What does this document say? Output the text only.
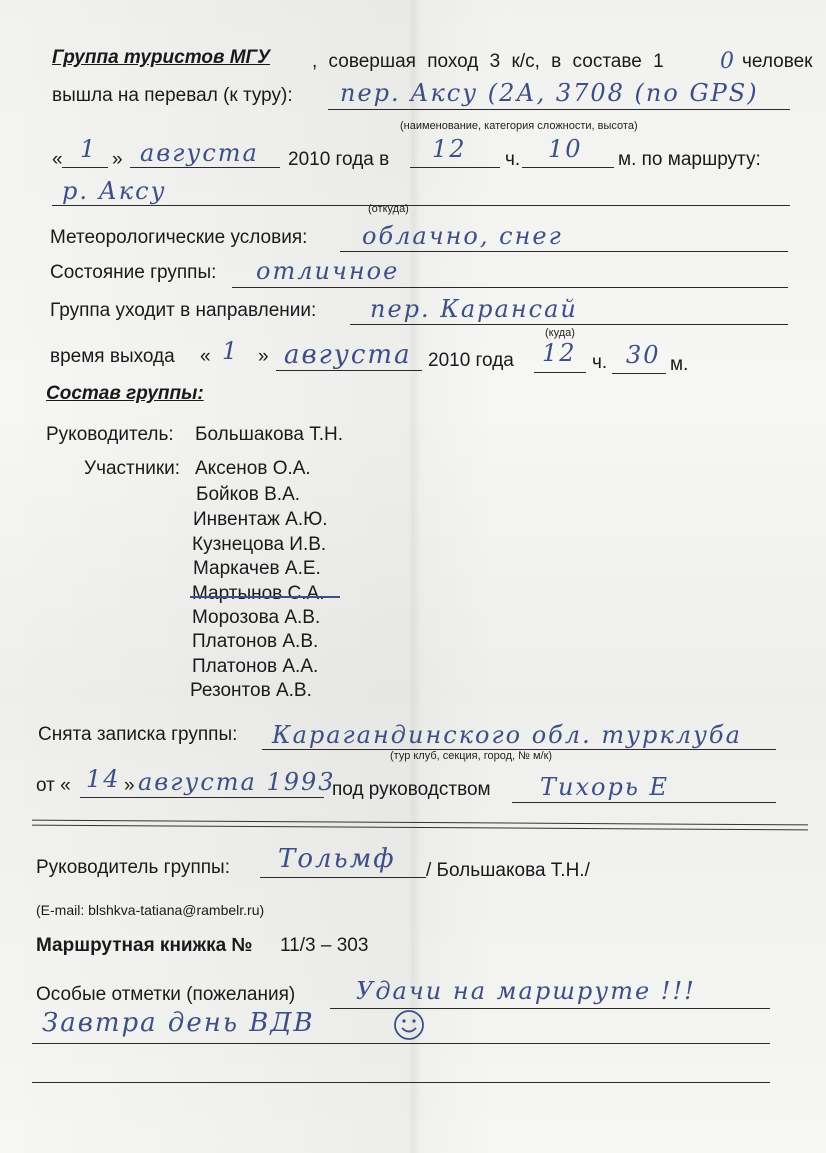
Группа туристов МГУ , совершая поход 3 к/с, в составе 1	0 человек
вышла на перевал (к туру): пер. Аксу (2А, 3708 (по GPS)
(наименование, категория сложности, высота)
« 1 » августа 2010 года в 12 ч. 10 м. по маршруту:
р. Аксу
(откуда)
Метеорологические условия: облачно, снег
Состояние группы: отличное
Группа уходит в направлении: пер. Карансай
(куда)
время выхода « 1 » августа 2010 года 12 ч. 30 м.
Состав группы:
Руководитель: Большакова Т.Н.
Участники: Аксенов О.А.
Бойков В.А.
Инвентаж А.Ю.
Кузнецова И.В.
Маркачев А.Е.
Мартынов С.А.
Морозова А.В.
Платонов А.В.
Платонов А.А.
Резонтов А.В.
Снята записка группы: Карагандинского обл. турклуба
(тур клуб, секция, город, № м/к)
от « 14 » августа 1993
под руководством Тихорь Е
Руководитель группы: Тольмф / Большакова Т.Н./
(E-mail: blshkva-tatiana@rambelr.ru)
Маршрутная книжка № 11/3 – 303
Особые отметки (пожелания)	Удачи на маршруте !!!
Завтра день ВДВ
